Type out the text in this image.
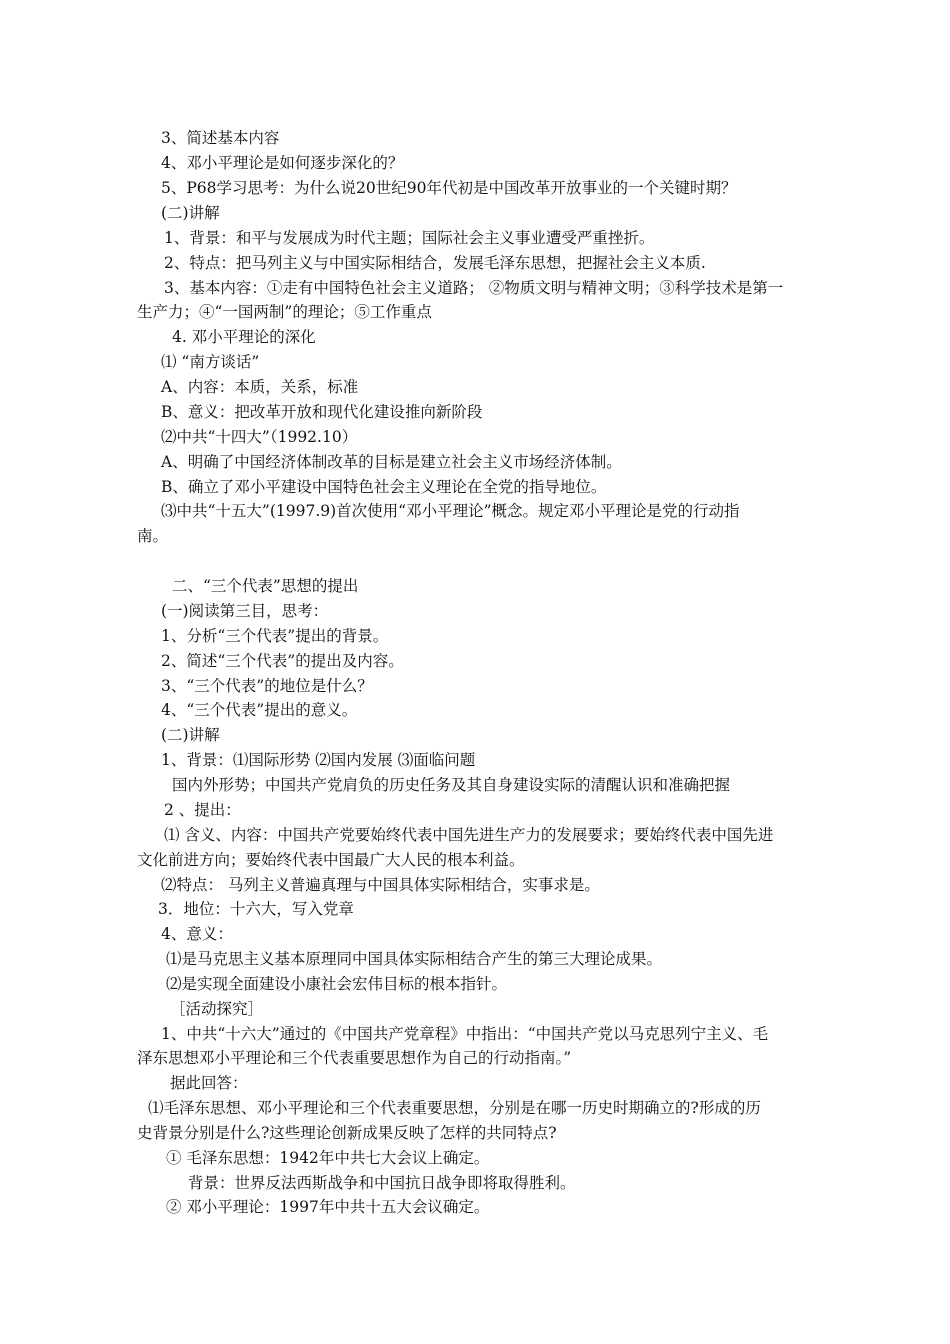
3、简述基本内容
4、邓小平理论是如何逐步深化的？
5、P68学习思考：为什么说20世纪90年代初是中国改革开放事业的一个关键时期？
(二)讲解
1、背景：和平与发展成为时代主题；国际社会主义事业遭受严重挫折。
2、特点：把马列主义与中国实际相结合，发展毛泽东思想，把握社会主义本质.
3、基本内容：①走有中国特色社会主义道路； ②物质文明与精神文明；③科学技术是第一
生产力；④“一国两制”的理论；⑤工作重点
4. 邓小平理论的深化
⑴ “南方谈话”
A、内容：本质，关系，标准
B、意义：把改革开放和现代化建设推向新阶段
⑵中共“十四大”（1992.10）
A、明确了中国经济体制改革的目标是建立社会主义市场经济体制。
B、确立了邓小平建设中国特色社会主义理论在全党的指导地位。
⑶中共“十五大”(1997.9)首次使用“邓小平理论”概念。规定邓小平理论是党的行动指
南。
二、“三个代表”思想的提出
(一)阅读第三目，思考：
1、分析“三个代表”提出的背景。
2、简述“三个代表”的提出及内容。
3、“三个代表”的地位是什么？
4、“三个代表”提出的意义。
(二)讲解
1、背景：⑴国际形势 ⑵国内发展 ⑶面临问题
国内外形势；中国共产党肩负的历史任务及其自身建设实际的清醒认识和准确把握
2 、提出：
⑴ 含义、内容：中国共产党要始终代表中国先进生产力的发展要求；要始终代表中国先进
文化前进方向；要始终代表中国最广大人民的根本利益。
⑵特点： 马列主义普遍真理与中国具体实际相结合，实事求是。
3．地位：十六大，写入党章
4、意义：
⑴是马克思主义基本原理同中国具体实际相结合产生的第三大理论成果。
⑵是实现全面建设小康社会宏伟目标的根本指针。
［活动探究］
1、中共“十六大”通过的《中国共产党章程》中指出：“中国共产党以马克思列宁主义、毛
泽东思想邓小平理论和三个代表重要思想作为自己的行动指南。”
据此回答：
⑴毛泽东思想、邓小平理论和三个代表重要思想，分别是在哪一历史时期确立的?形成的历
史背景分别是什么?这些理论创新成果反映了怎样的共同特点?
① 毛泽东思想：1942年中共七大会议上确定。
背景：世界反法西斯战争和中国抗日战争即将取得胜利。
② 邓小平理论：1997年中共十五大会议确定。
